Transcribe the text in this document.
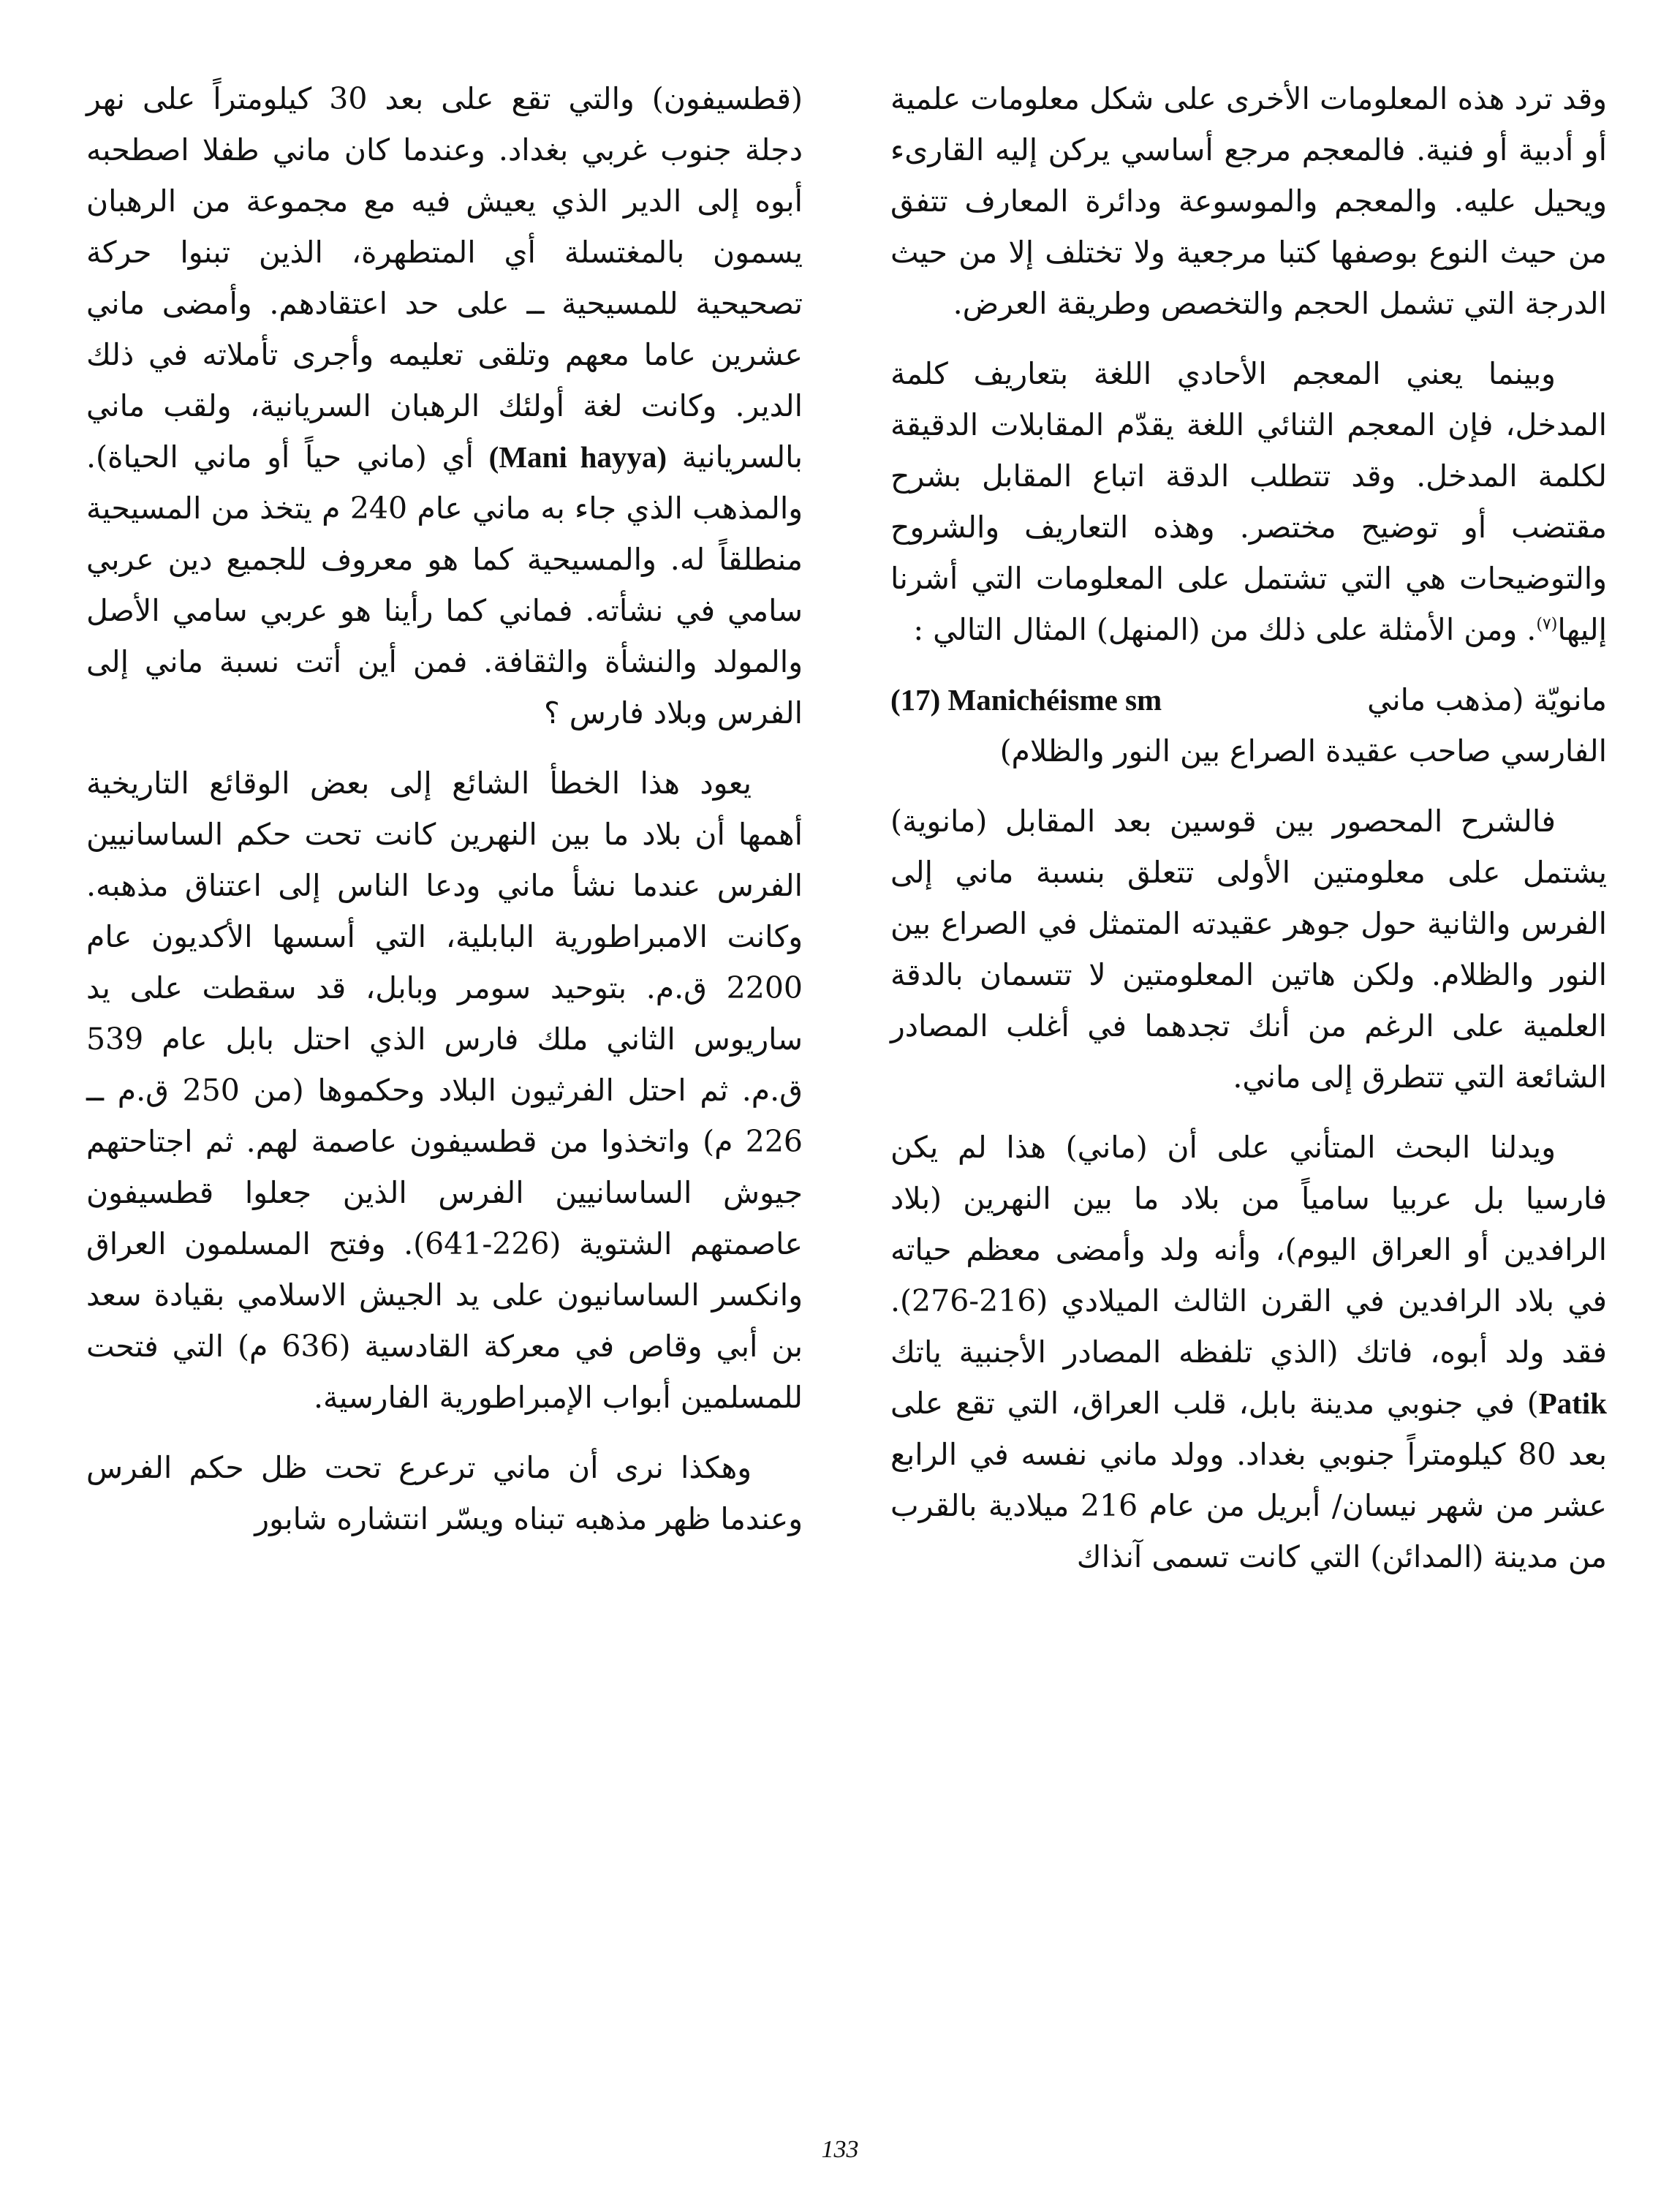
وقد ترد هذه المعلومات الأخرى على شكل معلومات علمية أو أدبية أو فنية. فالمعجم مرجع أساسي يركن إليه القارىء ويحيل عليه. والمعجم والموسوعة ودائرة المعارف تتفق من حيث النوع بوصفها كتبا مرجعية ولا تختلف إلا من حيث الدرجة التي تشمل الحجم والتخصص وطريقة العرض.

وبينما يعني المعجم الأحادي اللغة بتعاريف كلمة المدخل، فإن المعجم الثنائي اللغة يقدّم المقابلات الدقيقة لكلمة المدخل. وقد تتطلب الدقة اتباع المقابل بشرح مقتضب أو توضيح مختصر. وهذه التعاريف والشروح والتوضيحات هي التي تشتمل على المعلومات التي أشرنا إليها$^{(٧)}$. ومن الأمثلة على ذلك من (المنهل) المثال التالي :

مانويّة (مذهب ماني
(17) Manichéisme sm
الفارسي صاحب عقيدة الصراع بين النور والظلام)

فالشرح المحصور بين قوسين بعد المقابل (مانوية) يشتمل على معلومتين الأولى تتعلق بنسبة ماني إلى الفرس والثانية حول جوهر عقيدته المتمثل في الصراع بين النور والظلام. ولكن هاتين المعلومتين لا تتسمان بالدقة العلمية على الرغم من أنك تجدهما في أغلب المصادر الشائعة التي تتطرق إلى ماني.

ويدلنا البحث المتأني على أن (ماني) هذا لم يكن فارسيا بل عربيا سامياً من بلاد ما بين النهرين (بلاد الرافدين أو العراق اليوم)، وأنه ولد وأمضى معظم حياته في بلاد الرافدين في القرن الثالث الميلادي (216-276). فقد ولد أبوه، فاتك (الذي تلفظه المصادر الأجنبية ياتك Patik) في جنوبي مدينة بابل، قلب العراق، التي تقع على بعد 80 كيلومتراً جنوبي بغداد. وولد ماني نفسه في الرابع عشر من شهر نيسان/ أبريل من عام 216 ميلادية بالقرب من مدينة (المدائن) التي كانت تسمى آنذاك

(قطسيفون) والتي تقع على بعد 30 كيلومتراً على نهر دجلة جنوب غربي بغداد. وعندما كان ماني طفلا اصطحبه أبوه إلى الدير الذي يعيش فيه مع مجموعة من الرهبان يسمون بالمغتسلة أي المتطهرة، الذين تبنوا حركة تصحيحية للمسيحية ــ على حد اعتقادهم. وأمضى ماني عشرين عاما معهم وتلقى تعليمه وأجرى تأملاته في ذلك الدير. وكانت لغة أولئك الرهبان السريانية، ولقب ماني بالسريانية (Mani hayya) أي (ماني حياً أو ماني الحياة). والمذهب الذي جاء به ماني عام 240 م يتخذ من المسيحية منطلقاً له. والمسيحية كما هو معروف للجميع دين عربي سامي في نشأته. فماني كما رأينا هو عربي سامي الأصل والمولد والنشأة والثقافة. فمن أين أتت نسبة ماني إلى الفرس وبلاد فارس ؟

يعود هذا الخطأ الشائع إلى بعض الوقائع التاريخية أهمها أن بلاد ما بين النهرين كانت تحت حكم الساسانيين الفرس عندما نشأ ماني ودعا الناس إلى اعتناق مذهبه. وكانت الامبراطورية البابلية، التي أسسها الأكديون عام 2200 ق.م. بتوحيد سومر وبابل، قد سقطت على يد ساريوس الثاني ملك فارس الذي احتل بابل عام 539 ق.م. ثم احتل الفرثيون البلاد وحكموها (من 250 ق.م ــ 226 م) واتخذوا من قطسيفون عاصمة لهم. ثم اجتاحتهم جيوش الساسانيين الفرس الذين جعلوا قطسيفون عاصمتهم الشتوية (226-641). وفتح المسلمون العراق وانكسر الساسانيون على يد الجيش الاسلامي بقيادة سعد بن أبي وقاص في معركة القادسية (636 م) التي فتحت للمسلمين أبواب الإمبراطورية الفارسية.

وهكذا نرى أن ماني ترعرع تحت ظل حكم الفرس وعندما ظهر مذهبه تبناه ويسّر انتشاره شابور

133
